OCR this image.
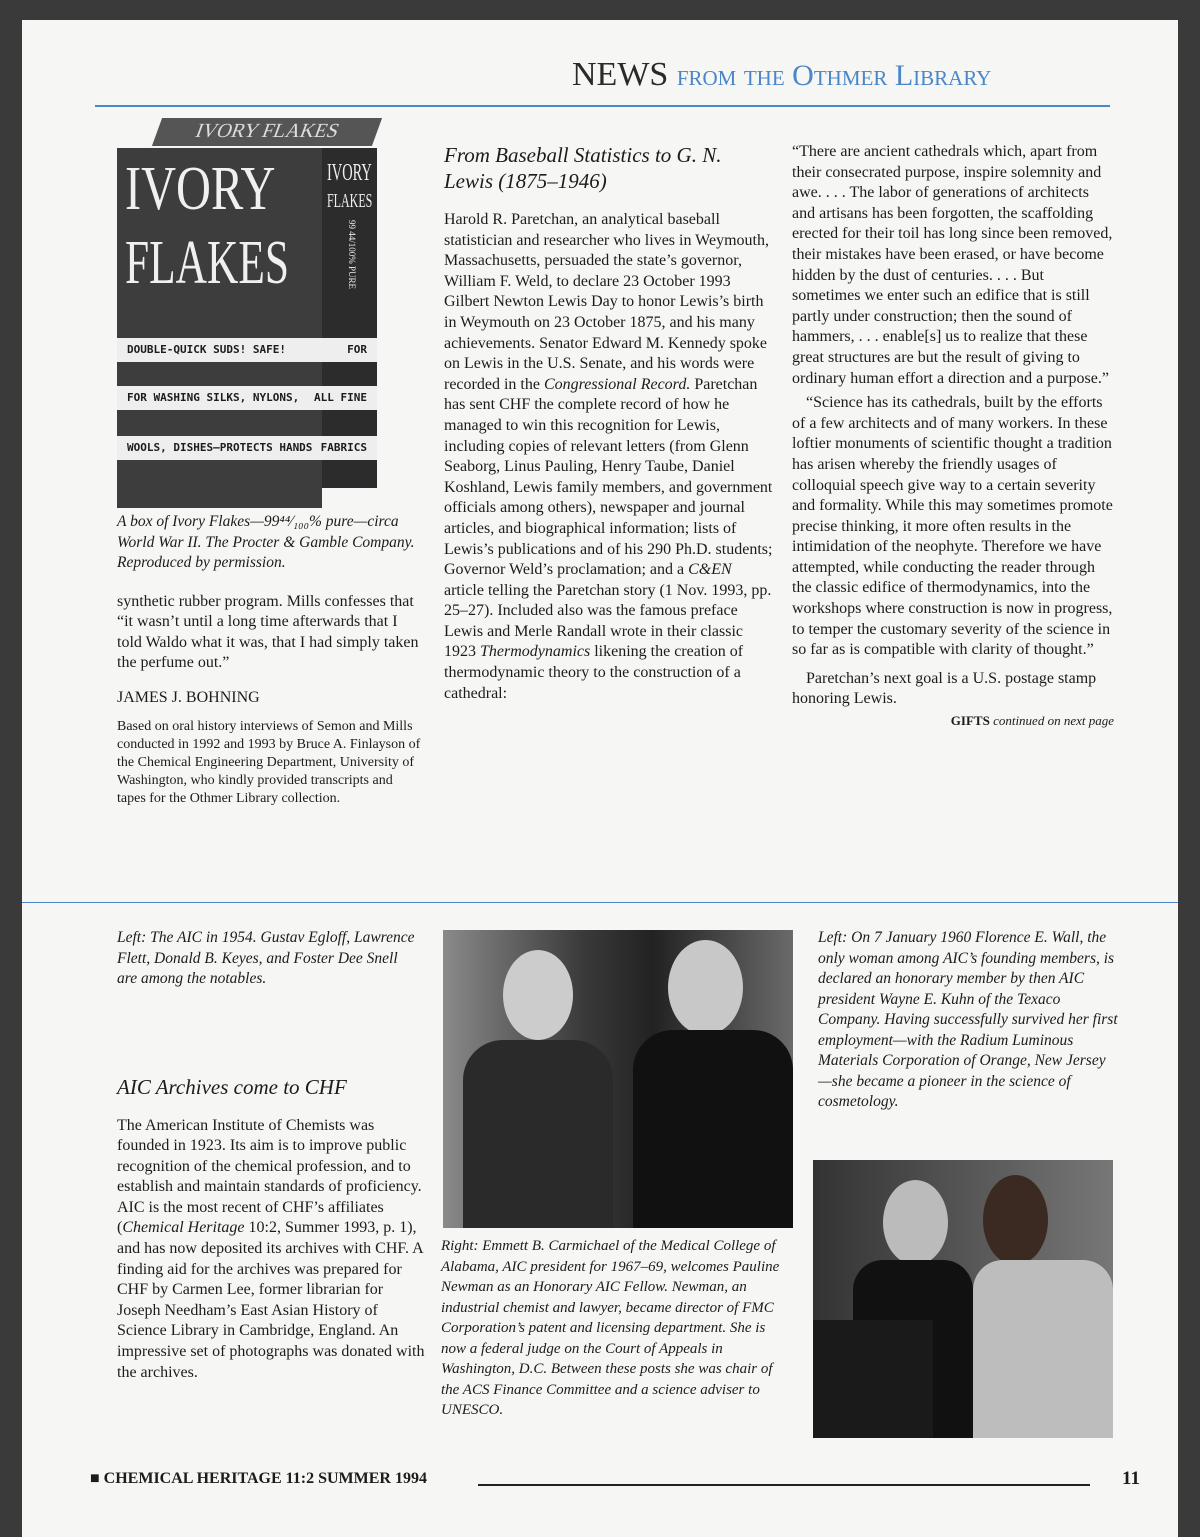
NEWS from the Othmer Library
IVORY FLAKES
IVORY
FLAKES
IVORY
FLAKES
99 44/100% PURE
DOUBLE-QUICK SUDS! SAFE!	FOR
FOR WASHING SILKS, NYLONS, ALL FINE
WOOLS, DISHES–PROTECTS HANDS FABRICS
A box of Ivory Flakes—99⁴⁴⁄₁₀₀% pure—circa World War II. The Procter & Gamble Company. Reproduced by permission.
synthetic rubber program. Mills confesses that “it wasn’t until a long time afterwards that I told Waldo what it was, that I had simply taken the perfume out.”
JAMES J. BOHNING
Based on oral history interviews of Semon and Mills conducted in 1992 and 1993 by Bruce A. Finlayson of the Chemical Engineering Department, University of Washington, who kindly provided transcripts and tapes for the Othmer Library collection.
From Baseball Statistics to G. N. Lewis (1875–1946)

Harold R. Paretchan, an analytical baseball statistician and researcher who lives in Weymouth, Massachusetts, persuaded the state’s governor, William F. Weld, to declare 23 October 1993 Gilbert Newton Lewis Day to honor Lewis’s birth in Weymouth on 23 October 1875, and his many achievements. Senator Edward M. Kennedy spoke on Lewis in the U.S. Senate, and his words were recorded in the Congressional Record. Paretchan has sent CHF the complete record of how he managed to win this recognition for Lewis, including copies of relevant letters (from Glenn Seaborg, Linus Pauling, Henry Taube, Daniel Koshland, Lewis family members, and government officials among others), newspaper and journal articles, and biographical information; lists of Lewis’s publications and of his 290 Ph.D. students; Governor Weld’s proclamation; and a C&EN article telling the Paretchan story (1 Nov. 1993, pp. 25–27). Included also was the famous preface Lewis and Merle Randall wrote in their classic 1923 Thermodynamics likening the creation of thermodynamic theory to the construction of a cathedral:

“There are ancient cathedrals which, apart from their consecrated purpose, inspire solemnity and awe. . . . The labor of generations of architects and artisans has been forgotten, the scaffolding erected for their toil has long since been removed, their mistakes have been erased, or have become hidden by the dust of centuries. . . . But sometimes we enter such an edifice that is still partly under construction; then the sound of hammers, . . . enable[s] us to realize that these great structures are but the result of giving to ordinary human effort a direction and a purpose.”

“Science has its cathedrals, built by the efforts of a few architects and of many workers. In these loftier monuments of scientific thought a tradition has arisen whereby the friendly usages of colloquial speech give way to a certain severity and formality. While this may sometimes promote precise thinking, it more often results in the intimidation of the neophyte. Therefore we have attempted, while conducting the reader through the classic edifice of thermodynamics, into the workshops where construction is now in progress, to temper the customary severity of the science in so far as is compatible with clarity of thought.”

Paretchan’s next goal is a U.S. postage stamp honoring Lewis.

GIFTS continued on next page

Left: The AIC in 1954. Gustav Egloff, Lawrence Flett, Donald B. Keyes, and Foster Dee Snell are among the notables.
AIC Archives come to CHF
The American Institute of Chemists was founded in 1923. Its aim is to improve public recognition of the chemical profession, and to establish and maintain standards of proficiency. AIC is the most recent of CHF’s affiliates (Chemical Heritage 10:2, Summer 1993, p. 1), and has now deposited its archives with CHF. A finding aid for the archives was prepared for CHF by Carmen Lee, former librarian for Joseph Needham’s East Asian History of Science Library in Cambridge, England. An impressive set of photographs was donated with the archives.
Right: Emmett B. Carmichael of the Medical College of Alabama, AIC president for 1967–69, welcomes Pauline Newman as an Honorary AIC Fellow. Newman, an industrial chemist and lawyer, became director of FMC Corporation’s patent and licensing department. She is now a federal judge on the Court of Appeals in Washington, D.C. Between these posts she was chair of the ACS Finance Committee and a science adviser to UNESCO.
Left: On 7 January 1960 Florence E. Wall, the only woman among AIC’s founding members, is declared an honorary member by then AIC president Wayne E. Kuhn of the Texaco Company. Having successfully survived her first employment—with the Radium Luminous Materials Corporation of Orange, New Jersey—she became a pioneer in the science of cosmetology.
■ CHEMICAL HERITAGE 11:2 SUMMER 1994	11
